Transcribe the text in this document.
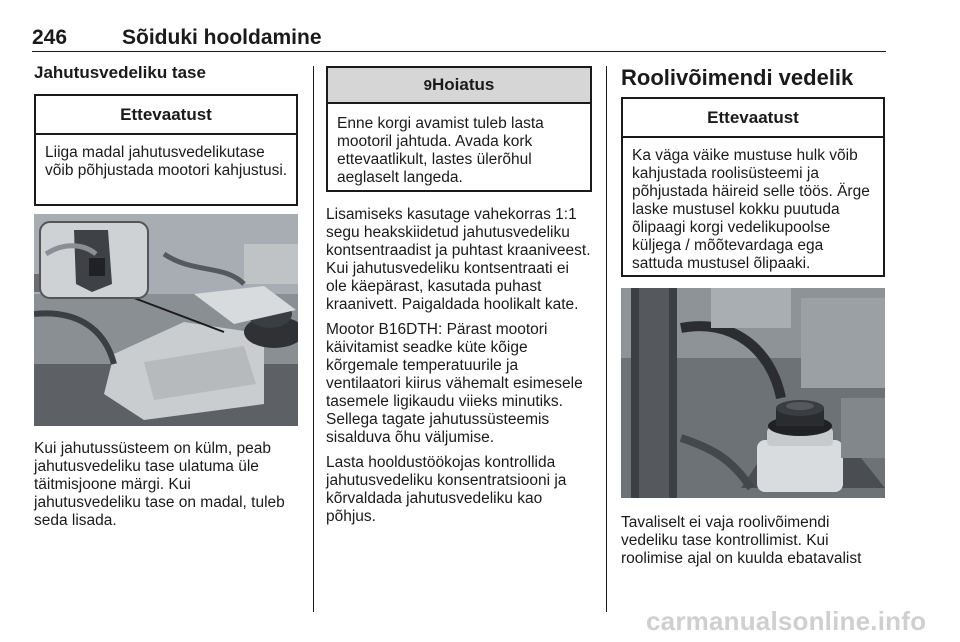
246	Sõiduki hooldamine
Jahutusvedeliku tase
Ettevaatust
Liiga madal jahutusvedelikutase võib põhjustada mootori kahjustusi.

Kui jahutussüsteem on külm, peab jahutusvedeliku tase ulatuma üle täitmisjoone märgi. Kui jahutusvedeliku tase on madal, tuleb seda lisada.

9Hoiatus
Enne korgi avamist tuleb lasta mootoril jahtuda. Avada kork ettevaatlikult, lastes ülerõhul aeglaselt langeda.

Lisamiseks kasutage vahekorras 1:1 segu heakskiidetud jahutusvedeliku kontsentraadist ja puhtast kraaniveest. Kui jahutusvedeliku kontsentraati ei ole käepärast, kasutada puhast kraanivett. Paigaldada hoolikalt kate.

Mootor B16DTH: Pärast mootori käivitamist seadke küte kõige kõrgemale temperatuurile ja ventilaatori kiirus vähemalt esimesele tasemele ligikaudu viieks minutiks. Sellega tagate jahutussüsteemis sisalduva õhu väljumise.

Lasta hooldustöökojas kontrollida jahutusvedeliku konsentratsiooni ja kõrvaldada jahutusvedeliku kao põhjus.

Roolivõimendi vedelik
Ettevaatust
Ka väga väike mustuse hulk võib kahjustada roolisüsteemi ja põhjustada häireid selle töös. Ärge laske mustusel kokku puutuda õlipaagi korgi vedelikupoolse küljega / mõõtevardaga ega sattuda mustusel õlipaaki.

Tavaliselt ei vaja roolivõimendi vedeliku tase kontrollimist. Kui roolimise ajal on kuulda ebatavalist

carmanualsonline.info
